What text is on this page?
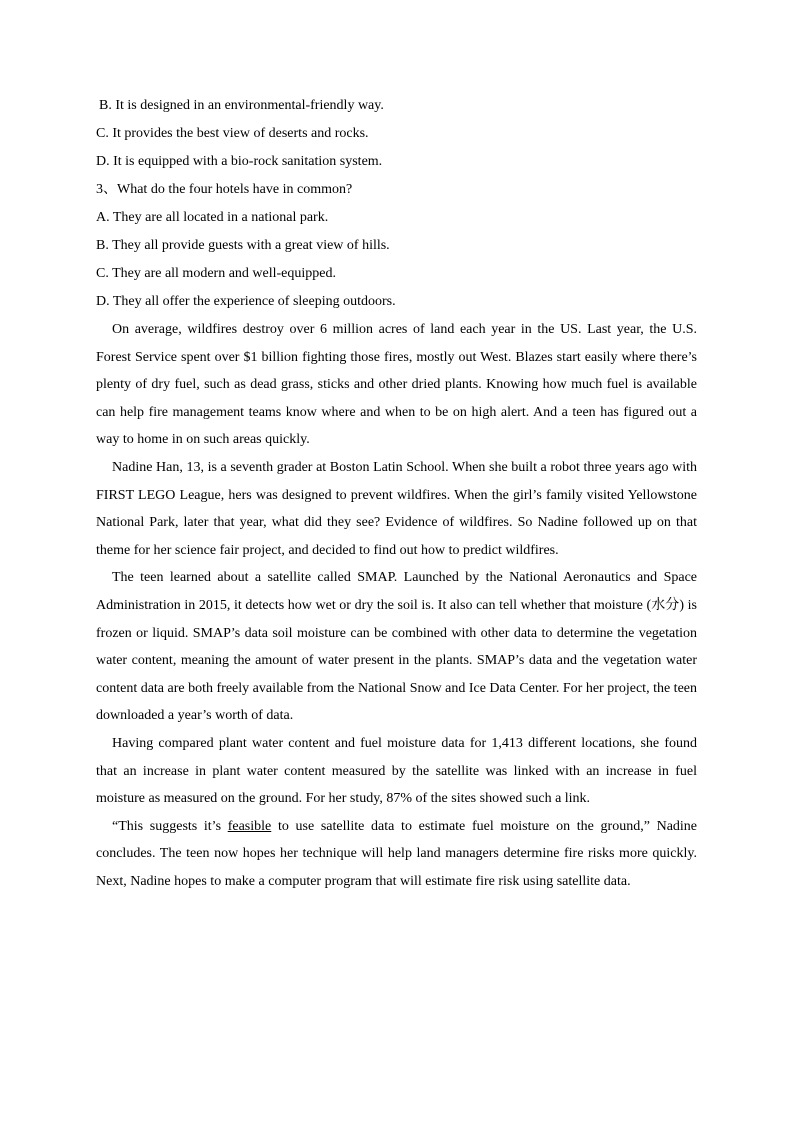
B. It is designed in an environmental-friendly way.

C. It provides the best view of deserts and rocks.

D. It is equipped with a bio-rock sanitation system.

3、What do the four hotels have in common?

A. They are all located in a national park.

B. They all provide guests with a great view of hills.

C. They are all modern and well-equipped.

D. They all offer the experience of sleeping outdoors.

On average, wildfires destroy over 6 million acres of land each year in the US. Last year, the U.S. Forest Service spent over $1 billion fighting those fires, mostly out West. Blazes start easily where there’s plenty of dry fuel, such as dead grass, sticks and other dried plants. Knowing how much fuel is available can help fire management teams know where and when to be on high alert. And a teen has figured out a way to home in on such areas quickly.

Nadine Han, 13, is a seventh grader at Boston Latin School. When she built a robot three years ago with FIRST LEGO League, hers was designed to prevent wildfires. When the girl’s family visited Yellowstone National Park, later that year, what did they see? Evidence of wildfires. So Nadine followed up on that theme for her science fair project, and decided to find out how to predict wildfires.

The teen learned about a satellite called SMAP. Launched by the National Aeronautics and Space Administration in 2015, it detects how wet or dry the soil is. It also can tell whether that moisture (水分) is frozen or liquid. SMAP’s data soil moisture can be combined with other data to determine the vegetation water content, meaning the amount of water present in the plants. SMAP’s data and the vegetation water content data are both freely available from the National Snow and Ice Data Center. For her project, the teen downloaded a year’s worth of data.

Having compared plant water content and fuel moisture data for 1,413 different locations, she found that an increase in plant water content measured by the satellite was linked with an increase in fuel moisture as measured on the ground. For her study, 87% of the sites showed such a link.

“This suggests it’s feasible to use satellite data to estimate fuel moisture on the ground,” Nadine concludes. The teen now hopes her technique will help land managers determine fire risks more quickly. Next, Nadine hopes to make a computer program that will estimate fire risk using satellite data.
